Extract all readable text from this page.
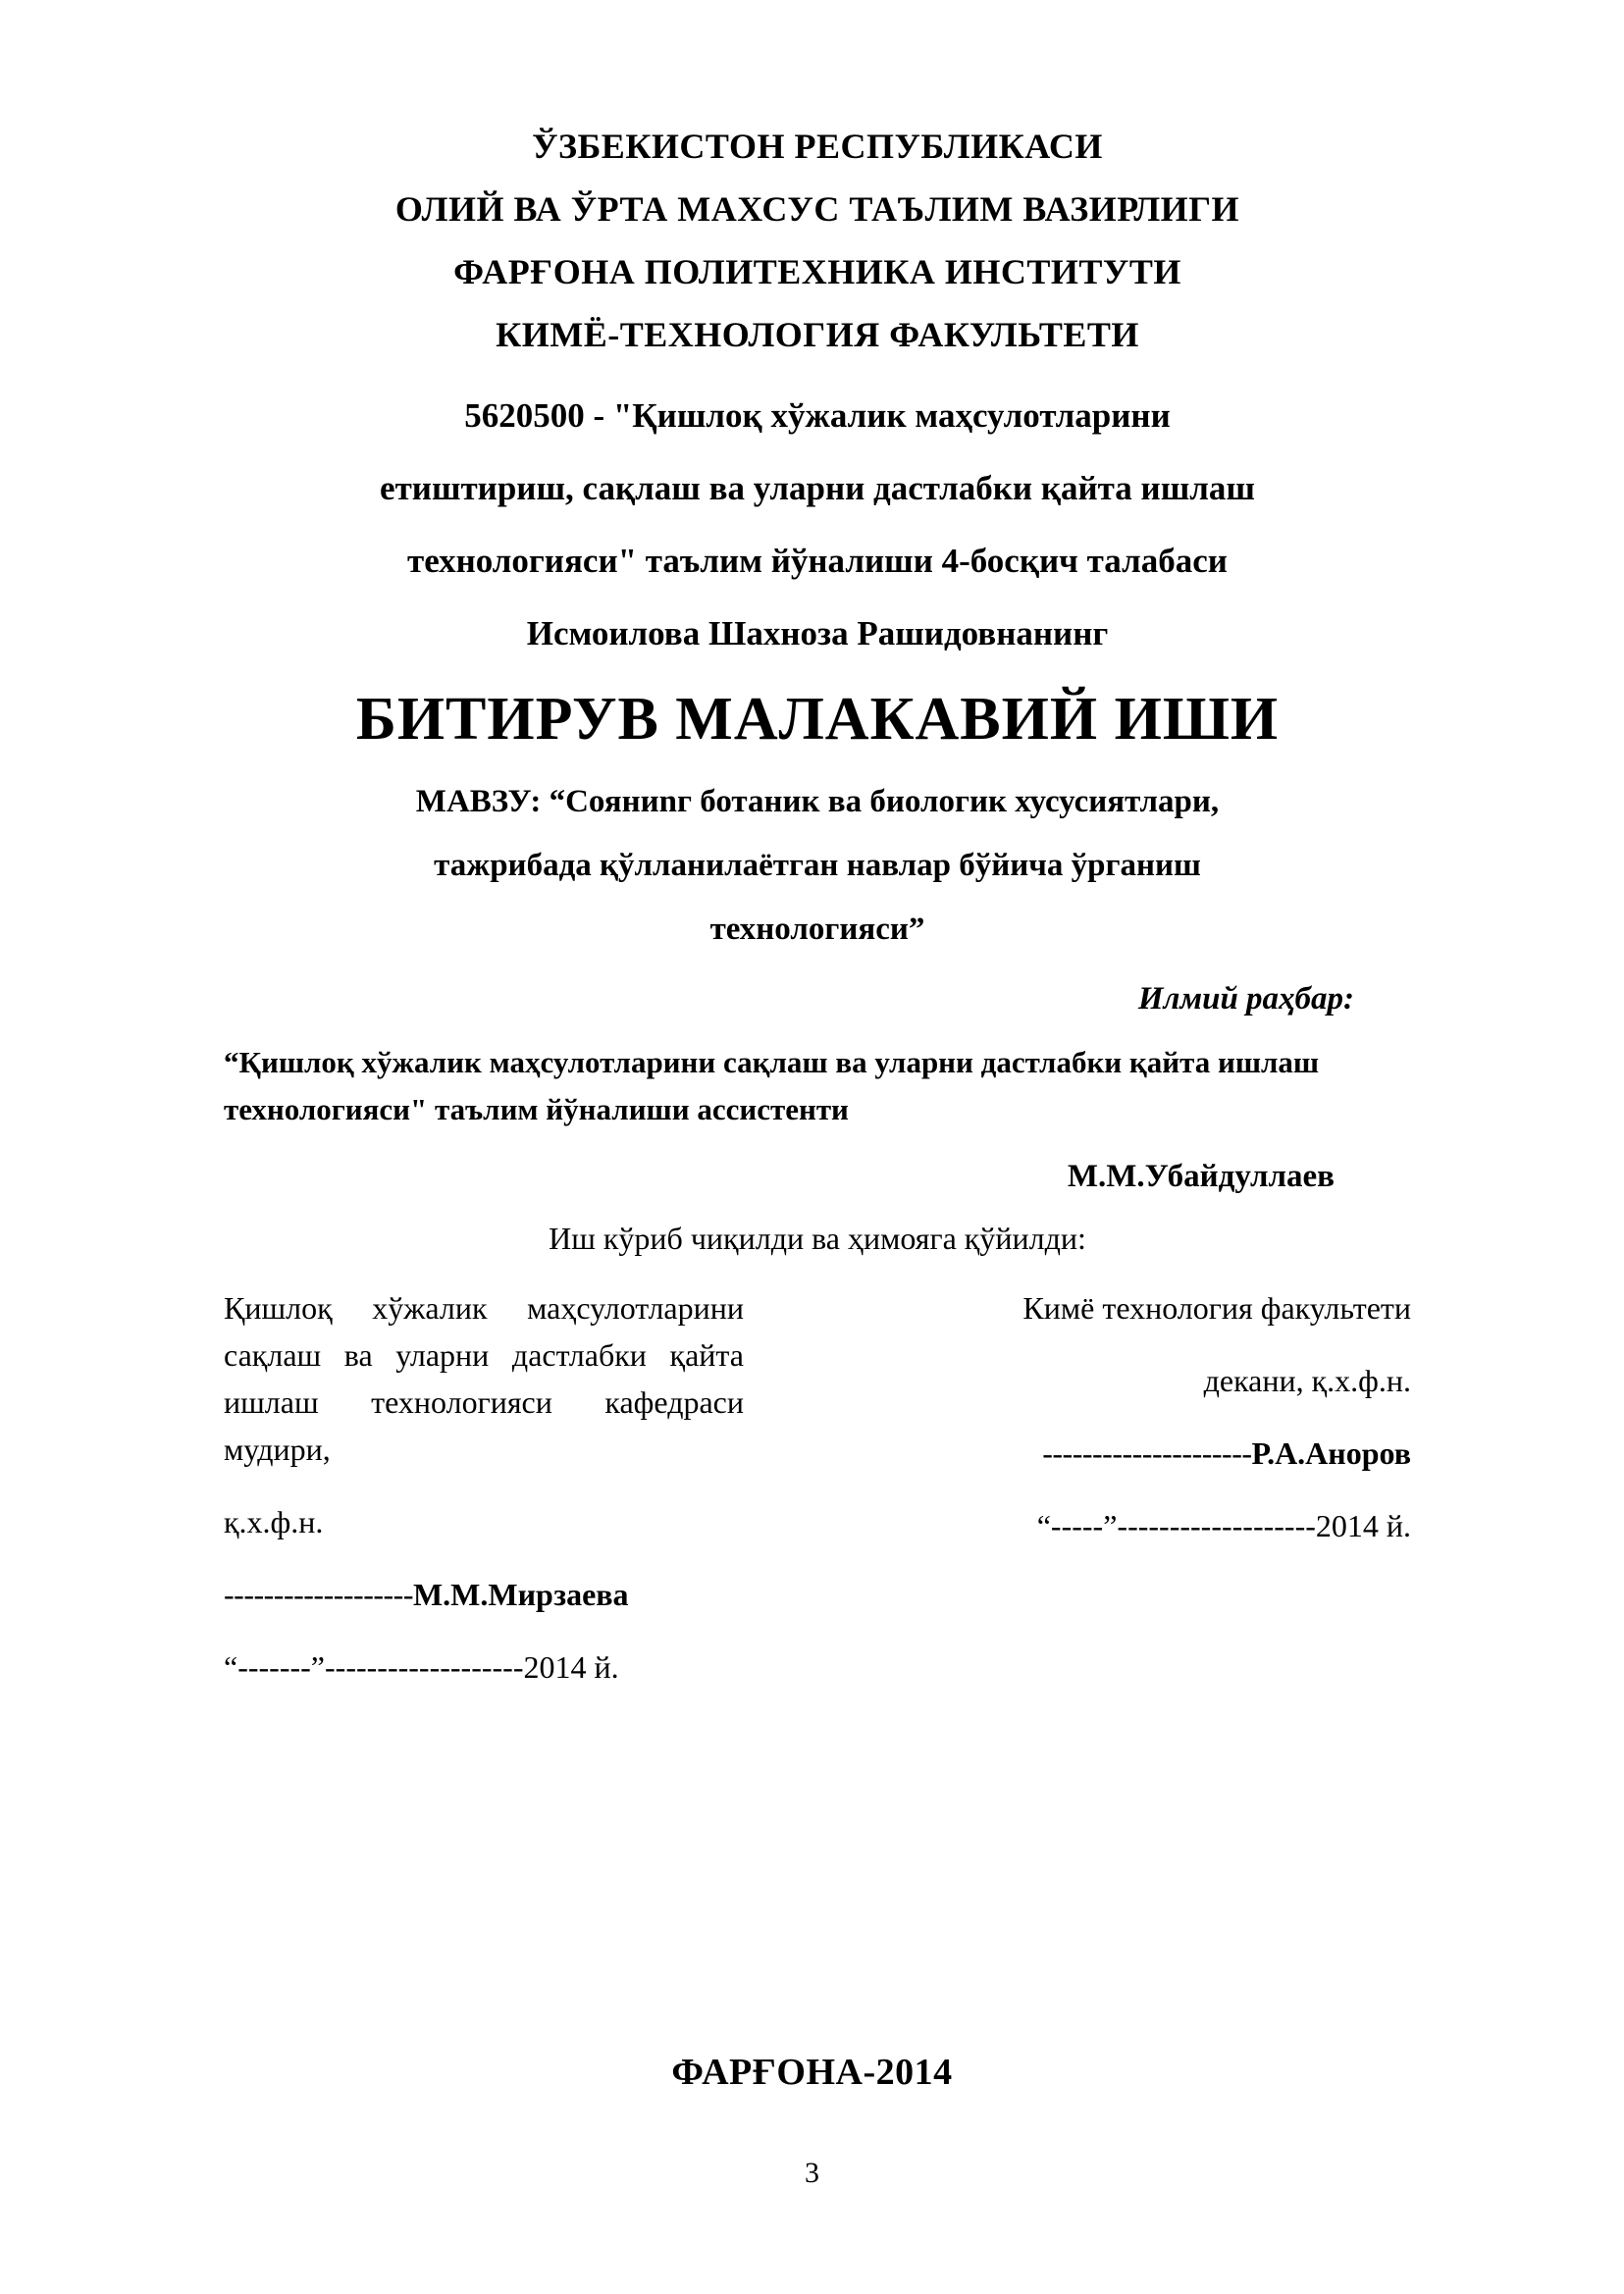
ЎЗБЕКИСТОН РЕСПУБЛИКАСИ
ОЛИЙ ВА ЎРТА МАХСУС ТАЪЛИМ ВАЗИРЛИГИ
ФАРҒОНА ПОЛИТЕХНИКА ИНСТИТУТИ
КИМЁ-ТЕХНОЛОГИЯ ФАКУЛЬТЕТИ
5620500 - "Қишлоқ хўжалик маҳсулотларини
етиштириш, сақлаш ва уларни дастлабки қайта ишлаш
технологияси" таълим йўналиши 4-босқич талабаси
Исмоилова Шахноза Рашидовнанинг
БИТИРУВ МАЛАКАВИЙ ИШИ
МАВЗУ: “Сояниnг ботаник ва биологик хусусиятлари,
тажрибада қўлланилаётган навлар бўйича ўрганиш
технологияси”
Илмий раҳбар:
“Қишлоқ хўжалик маҳсулотларини сақлаш ва уларни дастлабки қайта ишлаш технологияси" таълим йўналиши ассистенти
М.М.Убайдуллаев
Иш кўриб чиқилди ва ҳимояга қўйилди:

Қишлоқ хўжалик маҳсулотларини сақлаш ва уларни дастлабки қайта ишлаш технологияси кафедраси мудири,

қ.х.ф.н.

-------------------М.М.Мирзаева

“-------”-------------------2014 й.

Кимё технология факультети

декани, қ.х.ф.н.

---------------------Р.А.Аноров

“-----”-------------------2014 й.

ФАРҒОНА-2014
3
